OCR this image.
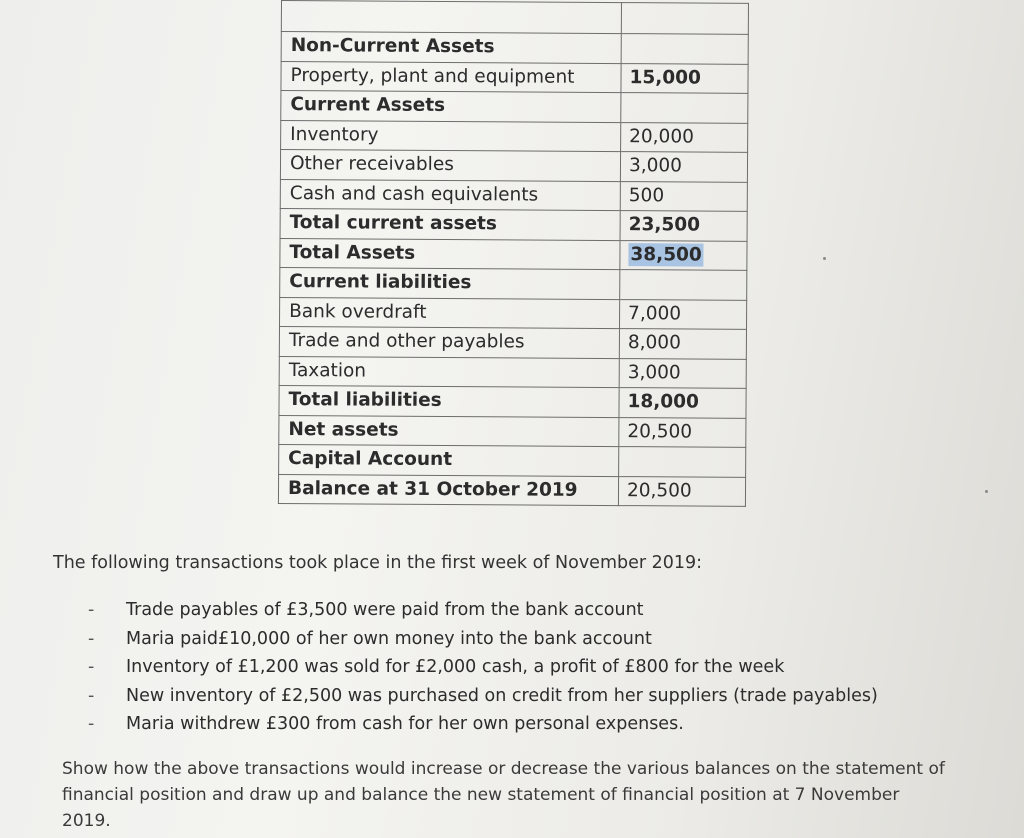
Non-Current Assets	
Property, plant and equipment	15,000
Current Assets	
Inventory	20,000
Other receivables	3,000
Cash and cash equivalents	500
Total current assets	23,500
Total Assets	38,500
Current liabilities	
Bank overdraft	7,000
Trade and other payables	8,000
Taxation	3,000
Total liabilities	18,000
Net assets	20,500
Capital Account	
Balance at 31 October 2019	20,500
The following transactions took place in the first week of November 2019:
-	Trade payables of £3,500 were paid from the bank account
-	Maria paid£10,000 of her own money into the bank account
-	Inventory of £1,200 was sold for £2,000 cash, a profit of £800 for the week
-	New inventory of £2,500 was purchased on credit from her suppliers (trade payables)
-	Maria withdrew £300 from cash for her own personal expenses.
Show how the above transactions would increase or decrease the various balances on the statement of financial position and draw up and balance the new statement of financial position at 7 November 2019.
